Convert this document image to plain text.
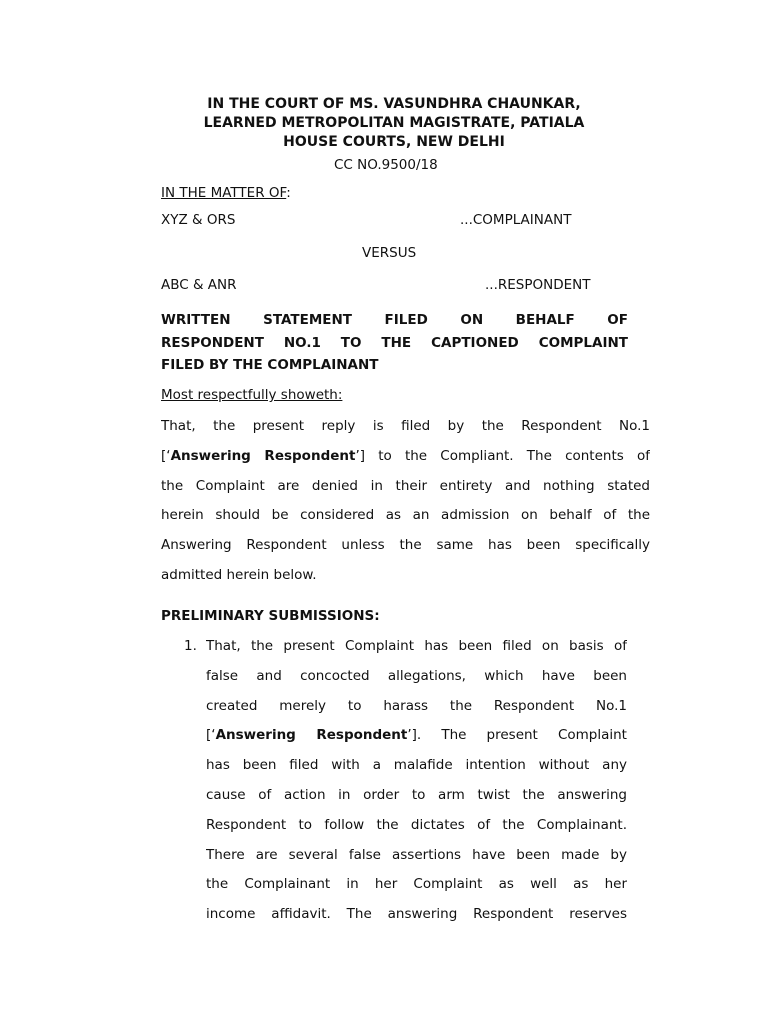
IN THE COURT OF MS. VASUNDHRA CHAUNKAR,
LEARNED METROPOLITAN MAGISTRATE, PATIALA
HOUSE COURTS, NEW DELHI
CC NO.9500/18
IN THE MATTER OF:
XYZ & ORS	...COMPLAINANT
VERSUS
ABC & ANR	...RESPONDENT
WRITTEN STATEMENT FILED ON BEHALF OF
RESPONDENT NO.1 TO THE CAPTIONED COMPLAINT
FILED BY THE COMPLAINANT
Most respectfully showeth:
That, the present reply is filed by the Respondent No.1
[‘Answering Respondent’] to the Compliant. The contents of
the Complaint are denied in their entirety and nothing stated
herein should be considered as an admission on behalf of the
Answering Respondent unless the same has been specifically
admitted herein below.
PRELIMINARY SUBMISSIONS:
1. That, the present Complaint has been filed on basis of
false and concocted allegations, which have been
created merely to harass the Respondent No.1
[‘Answering Respondent’]. The present Complaint
has been filed with a malafide intention without any
cause of action in order to arm twist the answering
Respondent to follow the dictates of the Complainant.
There are several false assertions have been made by
the Complainant in her Complaint as well as her
income affidavit. The answering Respondent reserves
